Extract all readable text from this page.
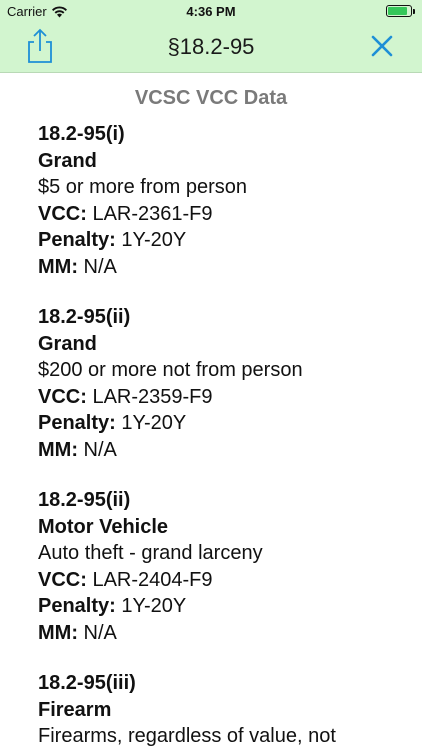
Carrier	4:36 PM
§18.2-95
VCSC VCC Data
18.2-95(i)
Grand
$5 or more from person
VCC: LAR-2361-F9
Penalty: 1Y-20Y
MM: N/A
18.2-95(ii)
Grand
$200 or more not from person
VCC: LAR-2359-F9
Penalty: 1Y-20Y
MM: N/A
18.2-95(ii)
Motor Vehicle
Auto theft - grand larceny
VCC: LAR-2404-F9
Penalty: 1Y-20Y
MM: N/A
18.2-95(iii)
Firearm
Firearms, regardless of value, not
